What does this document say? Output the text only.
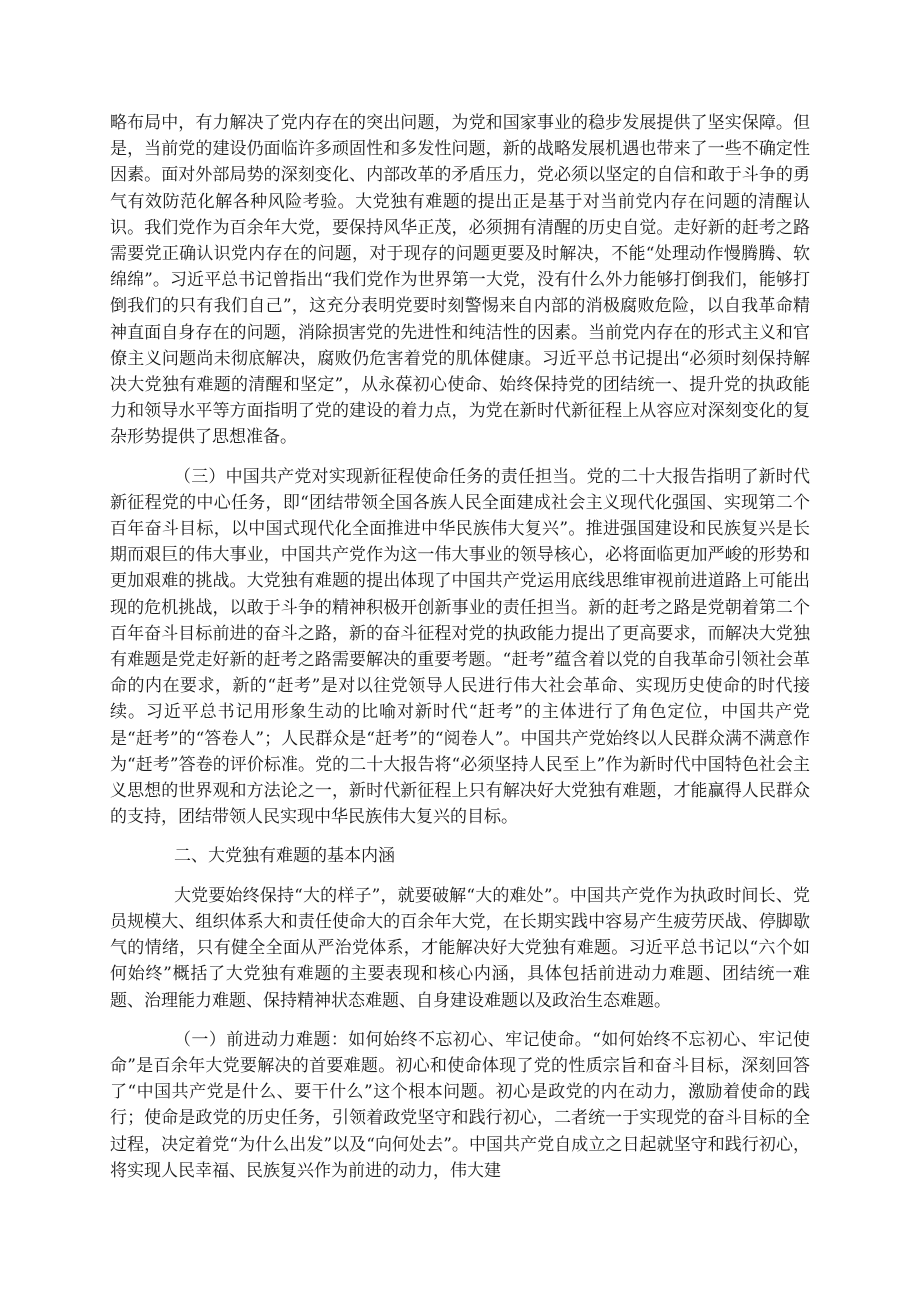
略布局中，有力解决了党内存在的突出问题，为党和国家事业的稳步发展提供了坚实保障。但是，当前党的建设仍面临许多顽固性和多发性问题，新的战略发展机遇也带来了一些不确定性因素。面对外部局势的深刻变化、内部改革的矛盾压力，党必须以坚定的自信和敢于斗争的勇气有效防范化解各种风险考验。大党独有难题的提出正是基于对当前党内存在问题的清醒认识。我们党作为百余年大党，要保持风华正茂，必须拥有清醒的历史自觉。走好新的赶考之路需要党正确认识党内存在的问题，对于现存的问题更要及时解决，不能“处理动作慢腾腾、软绵绵”。习近平总书记曾指出“我们党作为世界第一大党，没有什么外力能够打倒我们，能够打倒我们的只有我们自己”，这充分表明党要时刻警惕来自内部的消极腐败危险，以自我革命精神直面自身存在的问题，消除损害党的先进性和纯洁性的因素。当前党内存在的形式主义和官僚主义问题尚未彻底解决，腐败仍危害着党的肌体健康。习近平总书记提出“必须时刻保持解决大党独有难题的清醒和坚定”，从永葆初心使命、始终保持党的团结统一、提升党的执政能力和领导水平等方面指明了党的建设的着力点，为党在新时代新征程上从容应对深刻变化的复杂形势提供了思想准备。

（三）中国共产党对实现新征程使命任务的责任担当。党的二十大报告指明了新时代新征程党的中心任务，即“团结带领全国各族人民全面建成社会主义现代化强国、实现第二个百年奋斗目标，以中国式现代化全面推进中华民族伟大复兴”。推进强国建设和民族复兴是长期而艰巨的伟大事业，中国共产党作为这一伟大事业的领导核心，必将面临更加严峻的形势和更加艰难的挑战。大党独有难题的提出体现了中国共产党运用底线思维审视前进道路上可能出现的危机挑战，以敢于斗争的精神积极开创新事业的责任担当。新的赶考之路是党朝着第二个百年奋斗目标前进的奋斗之路，新的奋斗征程对党的执政能力提出了更高要求，而解决大党独有难题是党走好新的赶考之路需要解决的重要考题。“赶考”蕴含着以党的自我革命引领社会革命的内在要求，新的“赶考”是对以往党领导人民进行伟大社会革命、实现历史使命的时代接续。习近平总书记用形象生动的比喻对新时代“赶考”的主体进行了角色定位，中国共产党是“赶考”的“答卷人”；人民群众是“赶考”的“阅卷人”。中国共产党始终以人民群众满不满意作为“赶考”答卷的评价标准。党的二十大报告将“必须坚持人民至上”作为新时代中国特色社会主义思想的世界观和方法论之一，新时代新征程上只有解决好大党独有难题，才能赢得人民群众的支持，团结带领人民实现中华民族伟大复兴的目标。

二、大党独有难题的基本内涵

大党要始终保持“大的样子”，就要破解“大的难处”。中国共产党作为执政时间长、党员规模大、组织体系大和责任使命大的百余年大党，在长期实践中容易产生疲劳厌战、停脚歇气的情绪，只有健全全面从严治党体系，才能解决好大党独有难题。习近平总书记以“六个如何始终”概括了大党独有难题的主要表现和核心内涵，具体包括前进动力难题、团结统一难题、治理能力难题、保持精神状态难题、自身建设难题以及政治生态难题。

（一）前进动力难题：如何始终不忘初心、牢记使命。“如何始终不忘初心、牢记使命”是百余年大党要解决的首要难题。初心和使命体现了党的性质宗旨和奋斗目标，深刻回答了“中国共产党是什么、要干什么”这个根本问题。初心是政党的内在动力，激励着使命的践行；使命是政党的历史任务，引领着政党坚守和践行初心，二者统一于实现党的奋斗目标的全过程，决定着党“为什么出发”以及“向何处去”。中国共产党自成立之日起就坚守和践行初心，将实现人民幸福、民族复兴作为前进的动力，伟大建
